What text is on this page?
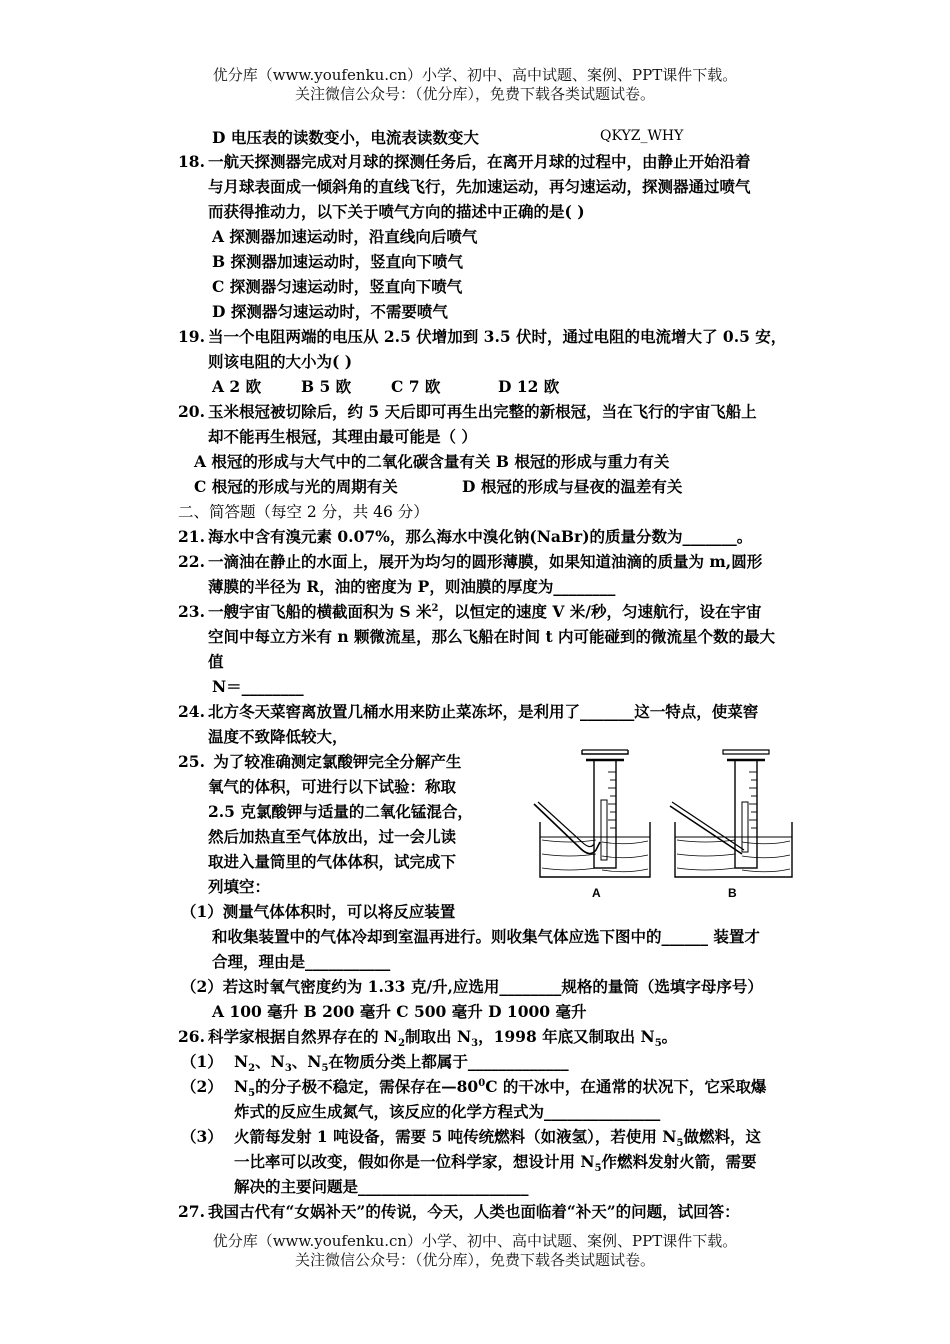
优分库（www.youfenku.cn）小学、初中、高中试题、案例、PPT课件下载。
关注微信公众号：（优分库），免费下载各类试题试卷。
D 电压表的读数变小，电流表读数变大	QKYZ_WHY
18. 一航天探测器完成对月球的探测任务后，在离开月球的过程中，由静止开始沿着
与月球表面成一倾斜角的直线飞行，先加速运动，再匀速运动，探测器通过喷气
而获得推动力，以下关于喷气方向的描述中正确的是( )
A 探测器加速运动时，沿直线向后喷气
B 探测器加速运动时，竖直向下喷气
C 探测器匀速运动时，竖直向下喷气
D 探测器匀速运动时，不需要喷气
19. 当一个电阻两端的电压从 2.5 伏增加到 3.5 伏时，通过电阻的电流增大了 0.5 安，
则该电阻的大小为( )
A 2 欧	B 5 欧	C 7 欧	D 12 欧
20. 玉米根冠被切除后，约 5 天后即可再生出完整的新根冠，当在飞行的宇宙飞船上
却不能再生根冠，其理由最可能是（ ）
A 根冠的形成与大气中的二氧化碳含量有关 B 根冠的形成与重力有关
C 根冠的形成与光的周期有关	D 根冠的形成与昼夜的温差有关
二、简答题（每空 2 分，共 46 分）
21. 海水中含有溴元素 0.07%，那么海水中溴化钠(NaBr)的质量分数为_______。
22. 一滴油在静止的水面上，展开为均匀的圆形薄膜，如果知道油滴的质量为 m,圆形
薄膜的半径为 R，油的密度为 P，则油膜的厚度为________
23. 一艘宇宙飞船的横截面积为 S 米$^2$，以恒定的速度 V 米/秒，匀速航行，设在宇宙
空间中每立方米有 n 颗微流星，那么飞船在时间 t 内可能碰到的微流星个数的最大
值
N＝________
24. 北方冬天菜窖离放置几桶水用来防止菜冻坏，是利用了_______这一特点，使菜窖
温度不致降低较大，
25. 为了较准确测定氯酸钾完全分解产生
氧气的体积，可进行以下试验：称取
2.5 克氯酸钾与适量的二氧化锰混合，
然后加热直至气体放出，过一会儿读
取进入量筒里的气体体积，试完成下
列填空：
（1）测量气体体积时，可以将反应装置
和收集装置中的气体冷却到室温再进行。则收集气体应选下图中的______ 装置才
合理，理由是___________
（2）若这时氧气密度约为 1.33 克/升,应选用________规格的量筒（选填字母序号）
A 100 毫升 B 200 毫升 C 500 毫升 D 1000 毫升
A	B
26. 科学家根据自然界存在的 $N_2$制取出 $N_3$，1998 年底又制取出 $N_5$。
（1） $N_2$、$N_3$、$N_5$在物质分类上都属于_____________
（2） $N_5$的分子极不稳定，需保存在$—80^0C$ 的干冰中，在通常的状况下，它采取爆
炸式的反应生成氮气，该反应的化学方程式为_______________
（3） 火箭每发射 1 吨设备，需要 5 吨传统燃料（如液氢），若使用 $N_5$做燃料，这
一比率可以改变，假如你是一位科学家，想设计用 $N_5$作燃料发射火箭，需要
解决的主要问题是______________________
27. 我国古代有“女娲补天”的传说，今天，人类也面临着“补天”的问题，试回答：
优分库（www.youfenku.cn）小学、初中、高中试题、案例、PPT课件下载。
关注微信公众号：（优分库），免费下载各类试题试卷。
